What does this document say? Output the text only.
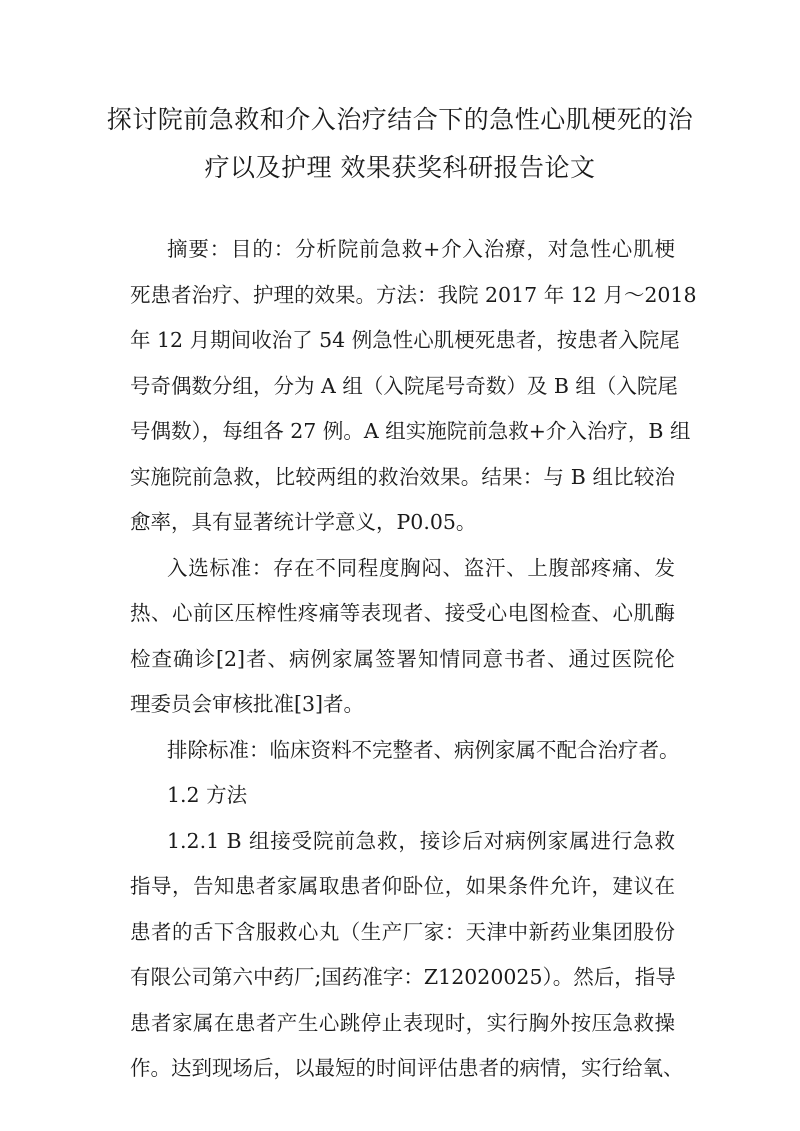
探讨院前急救和介入治疗结合下的急性心肌梗死的治
疗以及护理 效果获奖科研报告论文
摘要：目的：分析院前急救+介入治療，对急性心肌梗
死患者治疗、护理的效果。方法：我院 2017 年 12 月～2018
年 12 月期间收治了 54 例急性心肌梗死患者，按患者入院尾
号奇偶数分组，分为 A 组（入院尾号奇数）及 B 组（入院尾
号偶数），每组各 27 例。A 组实施院前急救+介入治疗，B 组
实施院前急救，比较两组的救治效果。结果：与 B 组比较治
愈率，具有显著统计学意义，P0.05。
入选标准：存在不同程度胸闷、盗汗、上腹部疼痛、发
热、心前区压榨性疼痛等表现者、接受心电图检查、心肌酶
检查确诊[2]者、病例家属签署知情同意书者、通过医院伦
理委员会审核批准[3]者。
排除标准：临床资料不完整者、病例家属不配合治疗者。
1.2 方法
1.2.1 B 组接受院前急救，接诊后对病例家属进行急救
指导，告知患者家属取患者仰卧位，如果条件允许，建议在
患者的舌下含服救心丸（生产厂家：天津中新药业集团股份
有限公司第六中药厂;国药准字：Z12020025）。然后，指导
患者家属在患者产生心跳停止表现时，实行胸外按压急救操
作。达到现场后，以最短的时间评估患者的病情，实行给氧、
